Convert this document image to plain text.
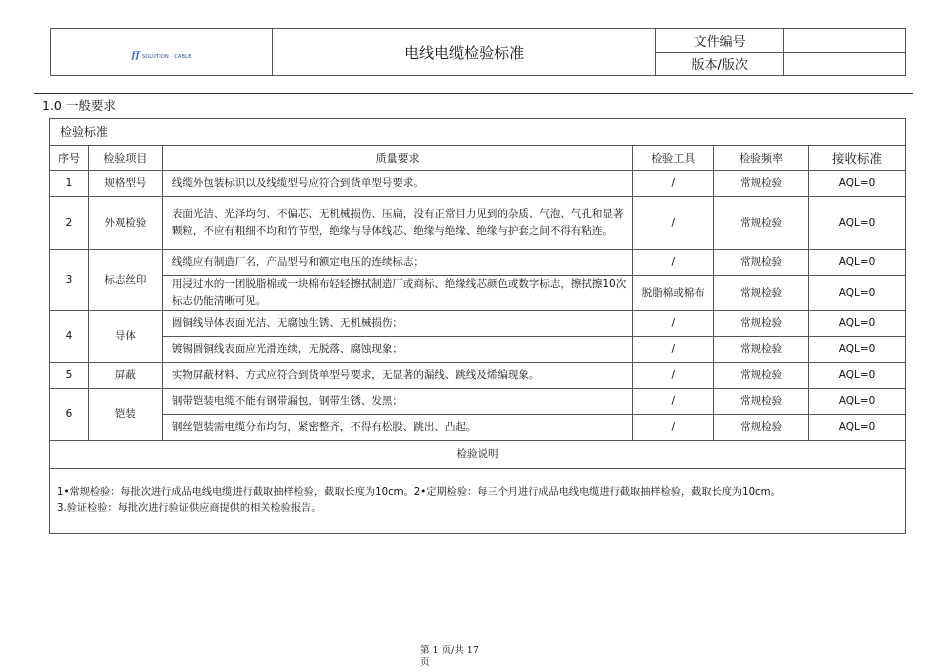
ff SOLUTION · CABLE	电线电缆检验标准	文件编号	
		版本/版次	
1.0 一般要求
检验标准					
序号	检验项目	质量要求	检验工具	检验频率	接收标准
1	规格型号	线缆外包装标识以及线缆型号应符合到货单型号要求。	/	常规检验	AQL=0
2	外观检验	表面光洁、光泽均匀、不偏芯、无机械损伤、压扁，没有正常目力见到的杂质、气泡、气孔和显著颗粒，不应有粗细不均和竹节型，绝缘与导体线芯、绝缘与绝缘、绝缘与护套之间不得有粘连。	/	常规检验	AQL=0
3	标志丝印	线缆应有制造厂名，产品型号和额定电压的连续标志；	/	常规检验	AQL=0
		用浸过水的一团脱脂棉或一块棉布轻轻擦拭制造厂或商标、绝缘线芯颜色或数字标志，擦拭擦10次标志仍能清晰可见。	脱脂棉或棉布	常规检验	AQL=0
4	导体	圆铜线导体表面光洁、无腐蚀生锈、无机械损伤；	/	常规检验	AQL=0
		镀锡圆铜线表面应光滑连续，无脱落、腐蚀现象；	/	常规检验	AQL=0
5	屏蔽	实物屏蔽材料、方式应符合到货单型号要求，无显著的漏线、跳线及烯编现象。	/	常规检验	AQL=0
6	铠装	钢带铠装电缆不能有钢带漏包，钢带生锈、发黑；	/	常规检验	AQL=0
		钢丝铠装需电缆分布均匀，紧密整齐，不得有松股、跳出、凸起。	/	常规检验	AQL=0
检验说明					

1•常规检验：每批次进行成品电线电缆进行截取抽样检验，截取长度为10cm。2•定期检验：每三个月进行成品电线电缆进行截取抽样检验，截取长度为10cm。
3.验证检验：每批次进行验证供应商提供的相关检验报告。					
第 1 页/共 17
页
